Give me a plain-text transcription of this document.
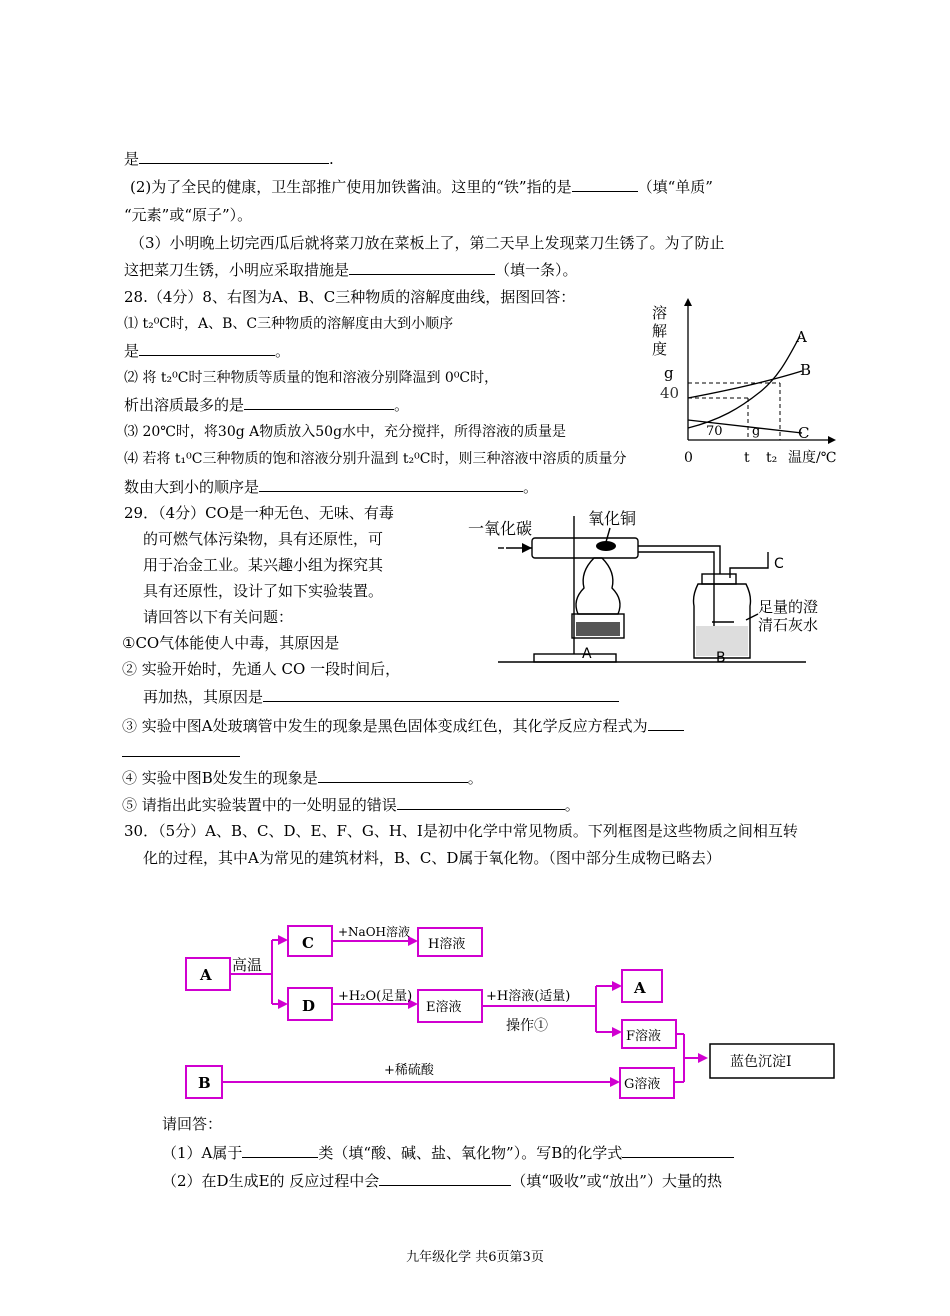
是	.
(2)为了全民的健康，卫生部推广使用加铁酱油。这里的“铁”指的是	（填“单质”
“元素”或“原子”）。
（3）小明晚上切完西瓜后就将菜刀放在菜板上了，第二天早上发现菜刀生锈了。为了防止
这把菜刀生锈，小明应采取措施是	（填一条）。
28.（4分）8、右图为A、B、C三种物质的溶解度曲线，据图回答：
⑴ t₂⁰C时，A、B、C三种物质的溶解度由大到小顺序
是	。
⑵ 将 t₂⁰C时三种物质等质量的饱和溶液分别降温到 0⁰C时，
析出溶质最多的是	。
⑶ 20℃时，将30g A物质放入50g水中，充分搅拌，所得溶液的质量是
⑷ 若将 t₁⁰C三种物质的饱和溶液分别升温到 t₂⁰C时，则三种溶液中溶质的质量分
数由大到小的顺序是	。
溶
解
度
g
40
70 g
0	t t₂ 温度/℃
A
B
C
29．（4分）CO是一种无色、无味、有毒
的可燃气体污染物，具有还原性，可
用于冶金工业。某兴趣小组为探究其
具有还原性，设计了如下实验装置。
请回答以下有关问题：
①CO气体能使人中毒，其原因是
② 实验开始时，先通人 CO 一段时间后，
再加热，其原因是
③ 实验中图A处玻璃管中发生的现象是黑色固体变成红色，其化学反应方程式为
④ 实验中图B处发生的现象是	。
⑤ 请指出此实验装置中的一处明显的错误	。
一氧化碳
氧化铜
C
足量的澄
清石灰水
A	B
30．（5分）A、B、C、D、E、F、G、H、I是初中化学中常见物质。下列框图是这些物质之间相互转
化的过程，其中A为常见的建筑材料，B、C、D属于氧化物。（图中部分生成物已略去）
A
高温
C
+NaOH溶液
H溶液
D
+H₂O(足量)
E溶液
+H溶液(适量)
操作①
A
F溶液
B
+稀硫酸
G溶液
蓝色沉淀I
请回答：
（1）A属于	类（填“酸、碱、盐、氧化物”）。写B的化学式
（2）在D生成E的 反应过程中会	（填“吸收”或“放出”）大量的热
九年级化学 共6页第3页
